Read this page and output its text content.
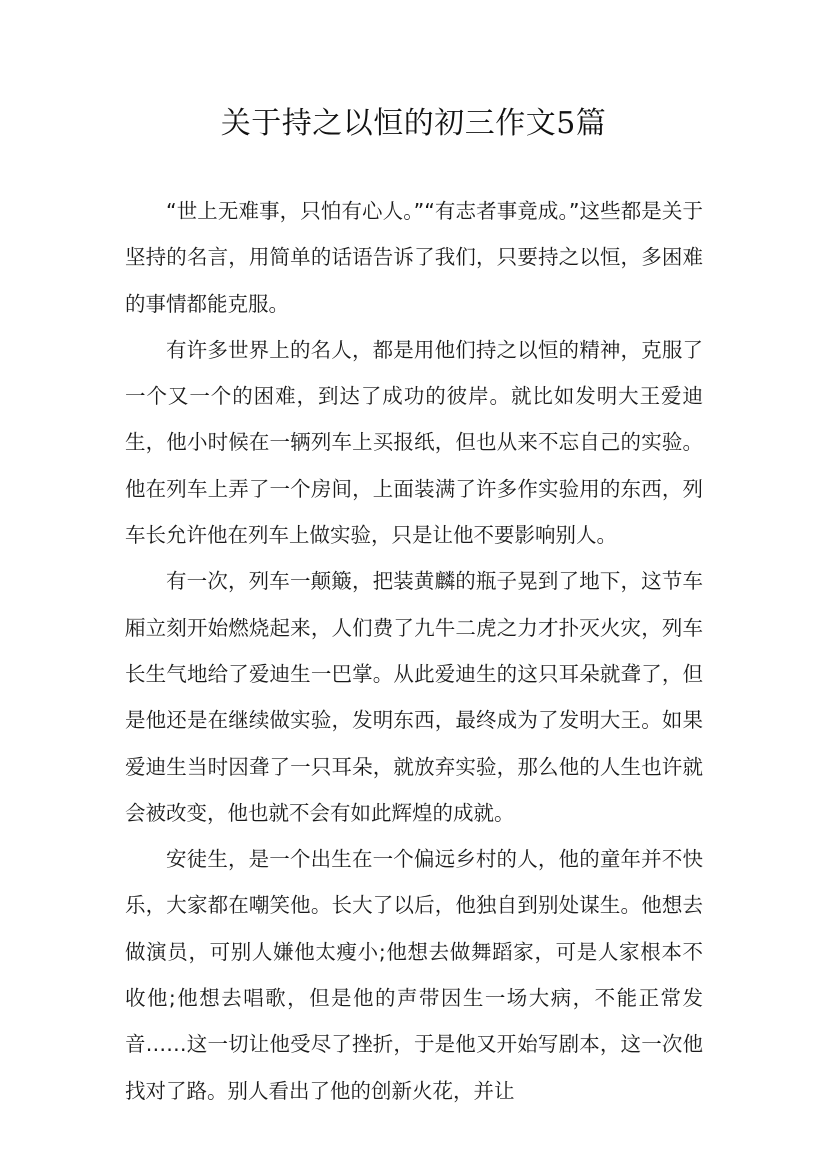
关于持之以恒的初三作文5篇

“世上无难事，只怕有心人。”“有志者事竟成。”这些都是关于坚持的名言，用简单的话语告诉了我们，只要持之以恒，多困难的事情都能克服。

有许多世界上的名人，都是用他们持之以恒的精神，克服了一个又一个的困难，到达了成功的彼岸。就比如发明大王爱迪生，他小时候在一辆列车上买报纸，但也从来不忘自己的实验。他在列车上弄了一个房间，上面装满了许多作实验用的东西，列车长允许他在列车上做实验，只是让他不要影响别人。

有一次，列车一颠簸，把装黄麟的瓶子晃到了地下，这节车厢立刻开始燃烧起来，人们费了九牛二虎之力才扑灭火灾，列车长生气地给了爱迪生一巴掌。从此爱迪生的这只耳朵就聋了，但是他还是在继续做实验，发明东西，最终成为了发明大王。如果爱迪生当时因聋了一只耳朵，就放弃实验，那么他的人生也许就会被改变，他也就不会有如此辉煌的成就。

安徒生，是一个出生在一个偏远乡村的人，他的童年并不快乐，大家都在嘲笑他。长大了以后，他独自到别处谋生。他想去做演员，可别人嫌他太瘦小;他想去做舞蹈家，可是人家根本不收他;他想去唱歌，但是他的声带因生一场大病，不能正常发音……这一切让他受尽了挫折，于是他又开始写剧本，这一次他找对了路。别人看出了他的创新火花，并让
